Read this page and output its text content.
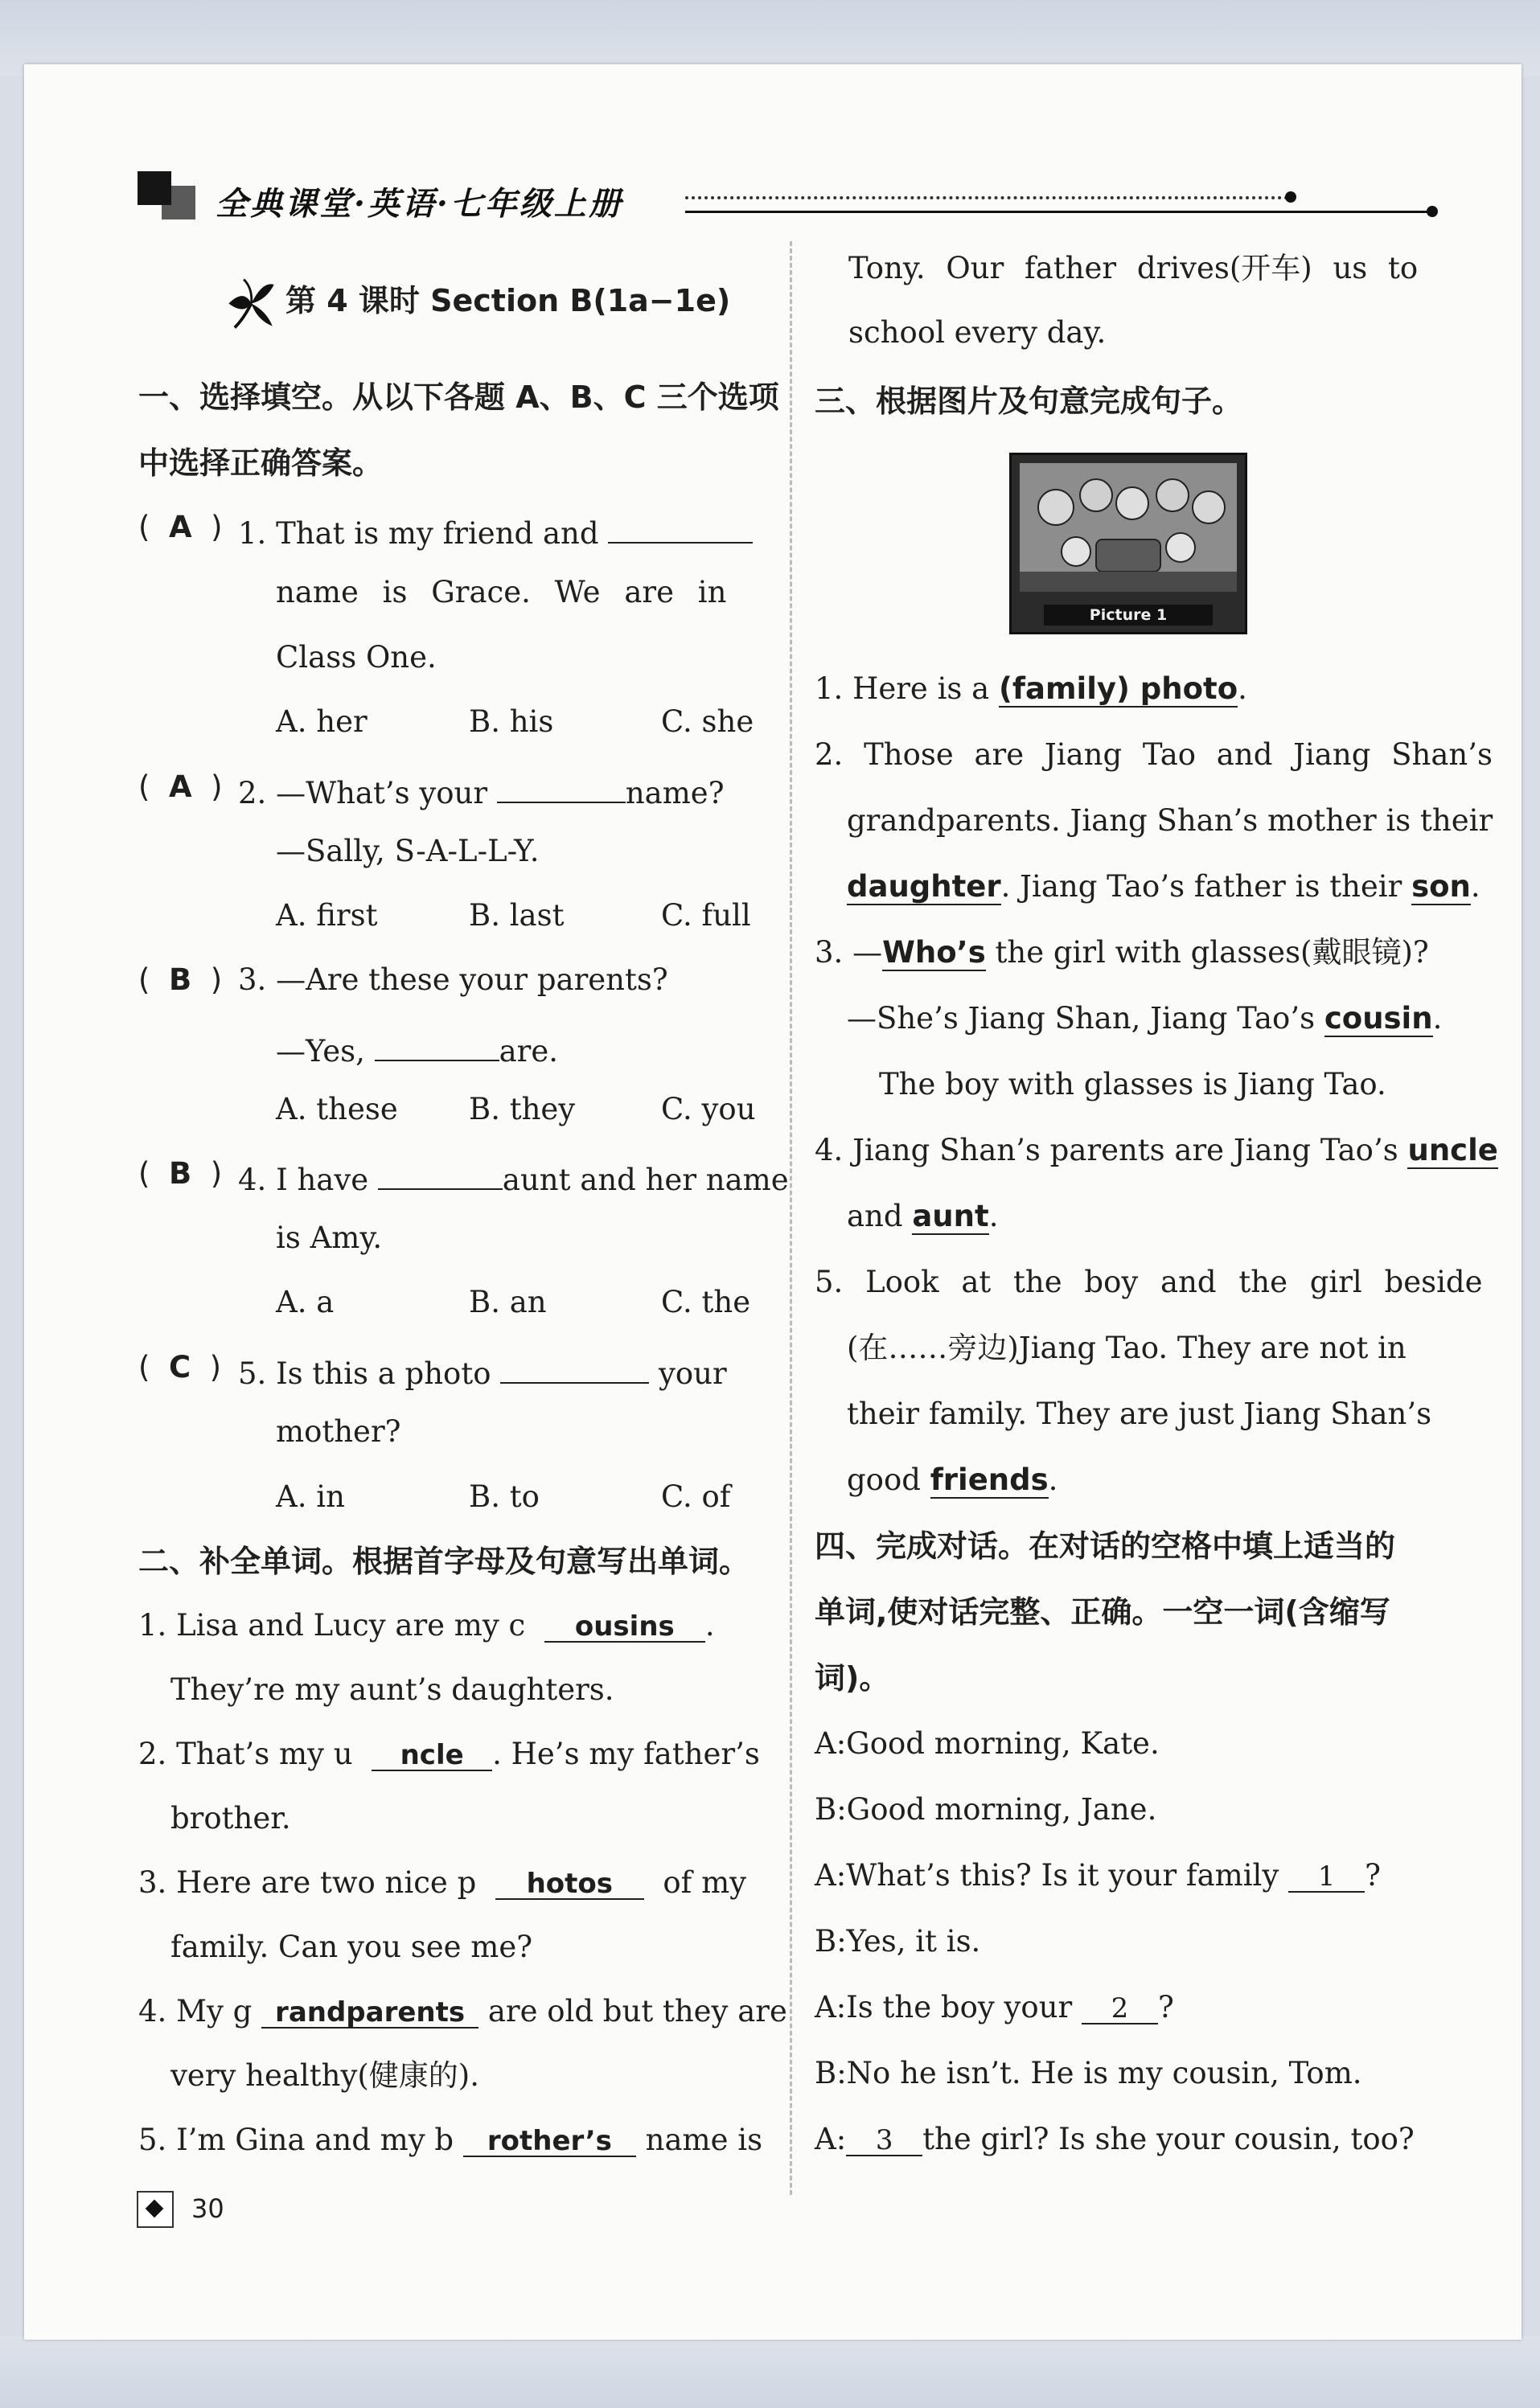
全典课堂·英语·七年级上册
第 4 课时 Section B(1a−1e)
一、选择填空。从以下各题 A、B、C 三个选项
中选择正确答案。
( A ) 1. That is my friend and
name is Grace. We are in
Class One.
A. her	B. his	C. she
( A ) 2. —What’s your	name?
—Sally, S-A-L-L-Y.
A. first	B. last	C. full
( B ) 3. —Are these your parents?
—Yes,	are.
A. these B. they	C. you
( B ) 4. I have	aunt and her name
is Amy.
A. a	B. an	C. the
( C ) 5. Is this a photo	your
mother?
A. in	B. to	C. of
二、补全单词。根据首字母及句意写出单词。
1. Lisa and Lucy are my c ousins .
They’re my aunt’s daughters.
2. That’s my u ncle . He’s my father’s
brother.
3. Here are two nice p hotos of my
family. Can you see me?
4. My g randparents are old but they are
very healthy(健康的).
5. I’m Gina and my b rother’s name is
Tony. Our father drives(开车) us to
school every day.
三、根据图片及句意完成句子。
Picture 1
1. Here is a (family) photo.
2. Those are Jiang Tao and Jiang Shan’s
grandparents. Jiang Shan’s mother is their
daughter. Jiang Tao’s father is their son.
3. —Who’s the girl with glasses(戴眼镜)?
—She’s Jiang Shan, Jiang Tao’s cousin.
The boy with glasses is Jiang Tao.
4. Jiang Shan’s parents are Jiang Tao’s uncle
and aunt.
5. Look at the boy and the girl beside
(在……旁边)Jiang Tao. They are not in
their family. They are just Jiang Shan’s
good friends.
四、完成对话。在对话的空格中填上适当的
单词,使对话完整、正确。一空一词(含缩写
词)。
A:Good morning, Kate.
B:Good morning, Jane.
A:What’s this? Is it your family 1 ?
B:Yes, it is.
A:Is the boy your 2 ?
B:No he isn’t. He is my cousin, Tom.
A: 3 the girl? Is she your cousin, too?
30
